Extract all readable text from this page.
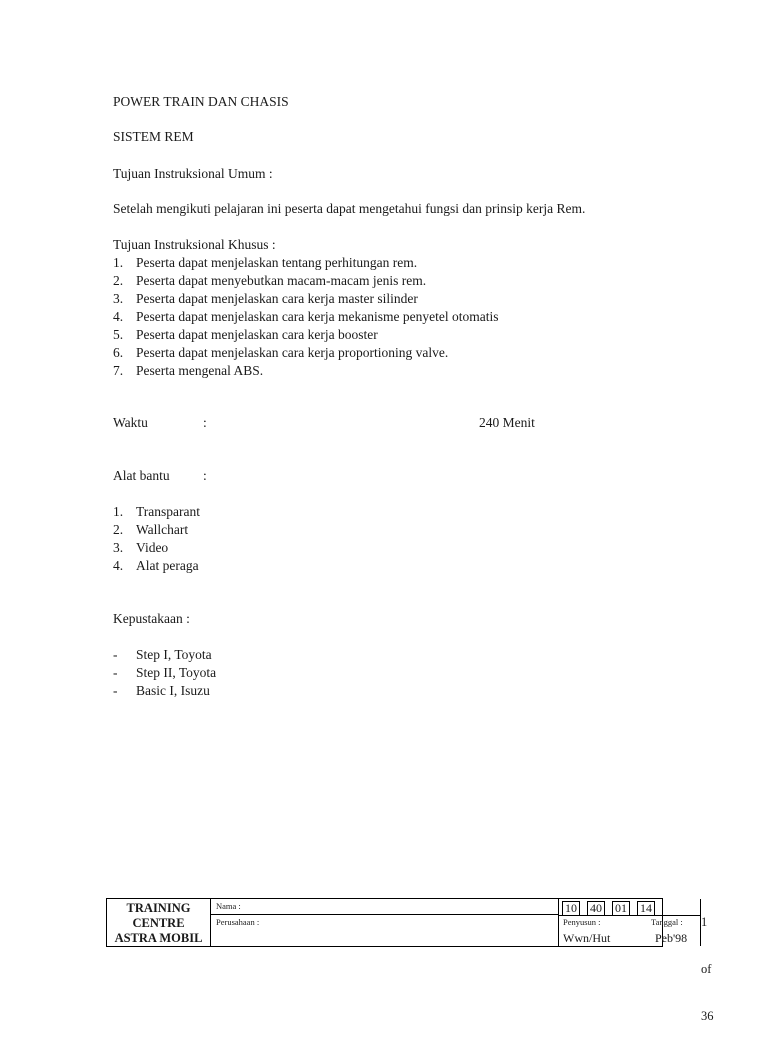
POWER TRAIN DAN CHASIS
SISTEM REM
Tujuan Instruksional Umum :
Setelah mengikuti pelajaran ini peserta dapat mengetahui fungsi dan prinsip kerja Rem.
Tujuan Instruksional Khusus :
1. Peserta dapat menjelaskan tentang perhitungan rem.
2. Peserta dapat menyebutkan macam-macam jenis rem.
3. Peserta dapat menjelaskan cara kerja master silinder
4. Peserta dapat menjelaskan cara kerja mekanisme penyetel otomatis
5. Peserta dapat menjelaskan cara kerja booster
6. Peserta dapat menjelaskan cara kerja proportioning valve.
7. Peserta mengenal ABS.
Waktu	:	240 Menit
Alat bantu :
1. Transparant
2. Wallchart
3. Video
4. Alat peraga
Kepustakaan :
- Step I, Toyota
- Step II, Toyota
- Basic I, Isuzu
TRAINING
CENTRE
ASTRA MOBIL
Nama :
Perusahaan :
10 40 01 14
Penyusun :	Tanggal :
Wwn/Hut	Peb'98
1 of 36
